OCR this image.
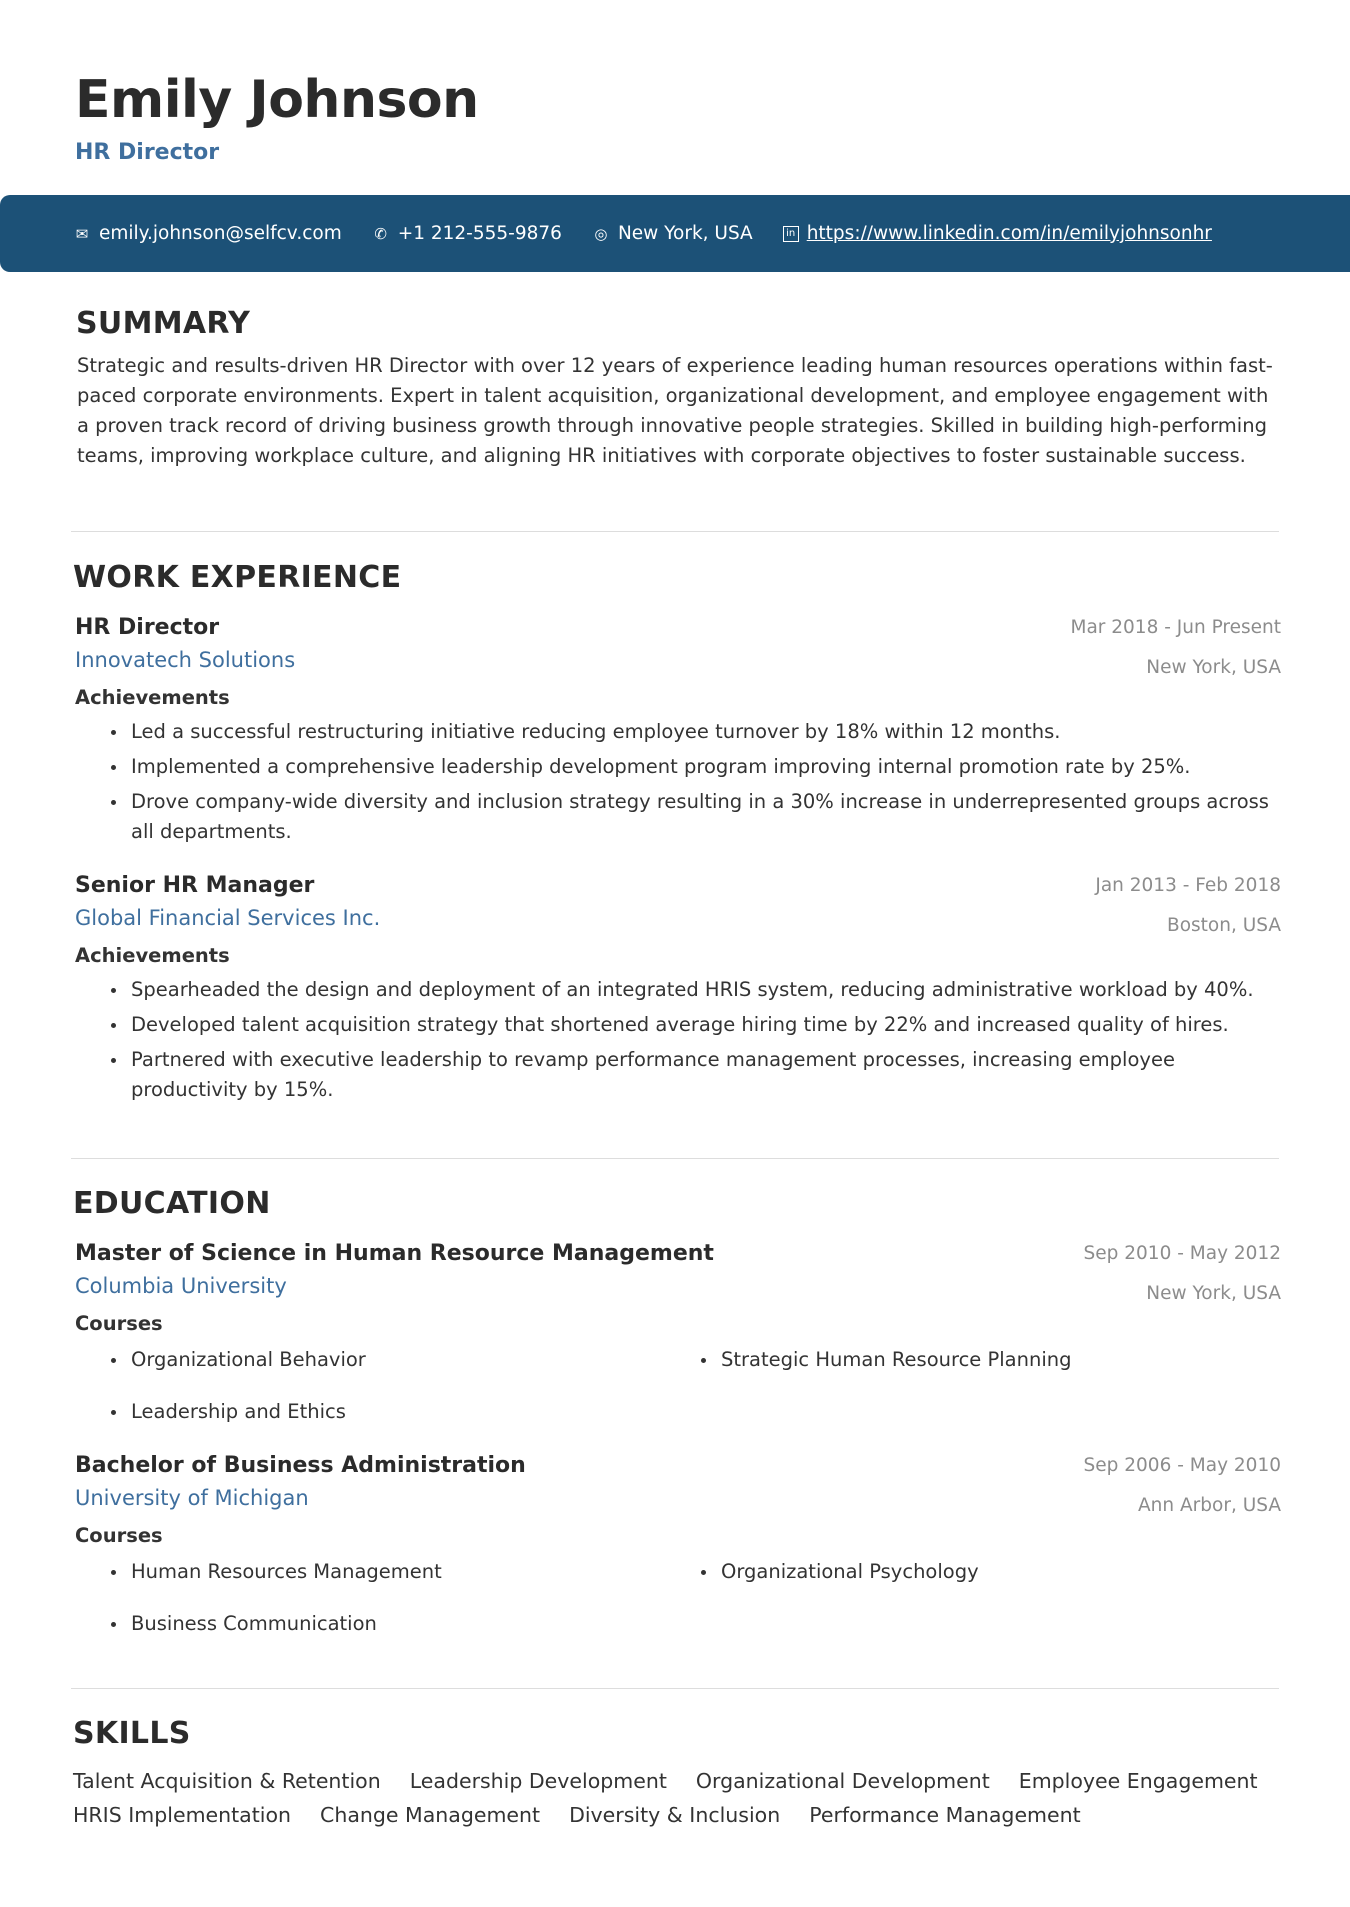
Emily Johnson
HR Director
✉ emily.johnson@selfcv.com ✆ +1 212-555-9876 ◎ New York, USA	in https://www.linkedin.com/in/emilyjohnsonhr
SUMMARY
Strategic and results-driven HR Director with over 12 years of experience leading human resources operations within fast-paced corporate environments. Expert in talent acquisition, organizational development, and employee engagement with a proven track record of driving business growth through innovative people strategies. Skilled in building high-performing teams, improving workplace culture, and aligning HR initiatives with corporate objectives to foster sustainable success.
WORK EXPERIENCE
HR Director
Innovatech Solutions
Mar 2018 - Jun Present
New York, USA
Achievements
Led a successful restructuring initiative reducing employee turnover by 18% within 12 months.
Implemented a comprehensive leadership development program improving internal promotion rate by 25%.
Drove company-wide diversity and inclusion strategy resulting in a 30% increase in underrepresented groups across all departments.
Senior HR Manager
Global Financial Services Inc.
Jan 2013 - Feb 2018
Boston, USA
Achievements
Spearheaded the design and deployment of an integrated HRIS system, reducing administrative workload by 40%.
Developed talent acquisition strategy that shortened average hiring time by 22% and increased quality of hires.
Partnered with executive leadership to revamp performance management processes, increasing employee productivity by 15%.
EDUCATION
Master of Science in Human Resource Management
Columbia University
Sep 2010 - May 2012
New York, USA
Courses
Organizational Behavior	Strategic Human Resource Planning
Leadership and Ethics
Bachelor of Business Administration
University of Michigan
Sep 2006 - May 2010
Ann Arbor, USA
Courses
Human Resources Management	Organizational Psychology
Business Communication
SKILLS
Talent Acquisition & Retention Leadership Development Organizational Development Employee Engagement
HRIS Implementation Change Management Diversity & Inclusion Performance Management
